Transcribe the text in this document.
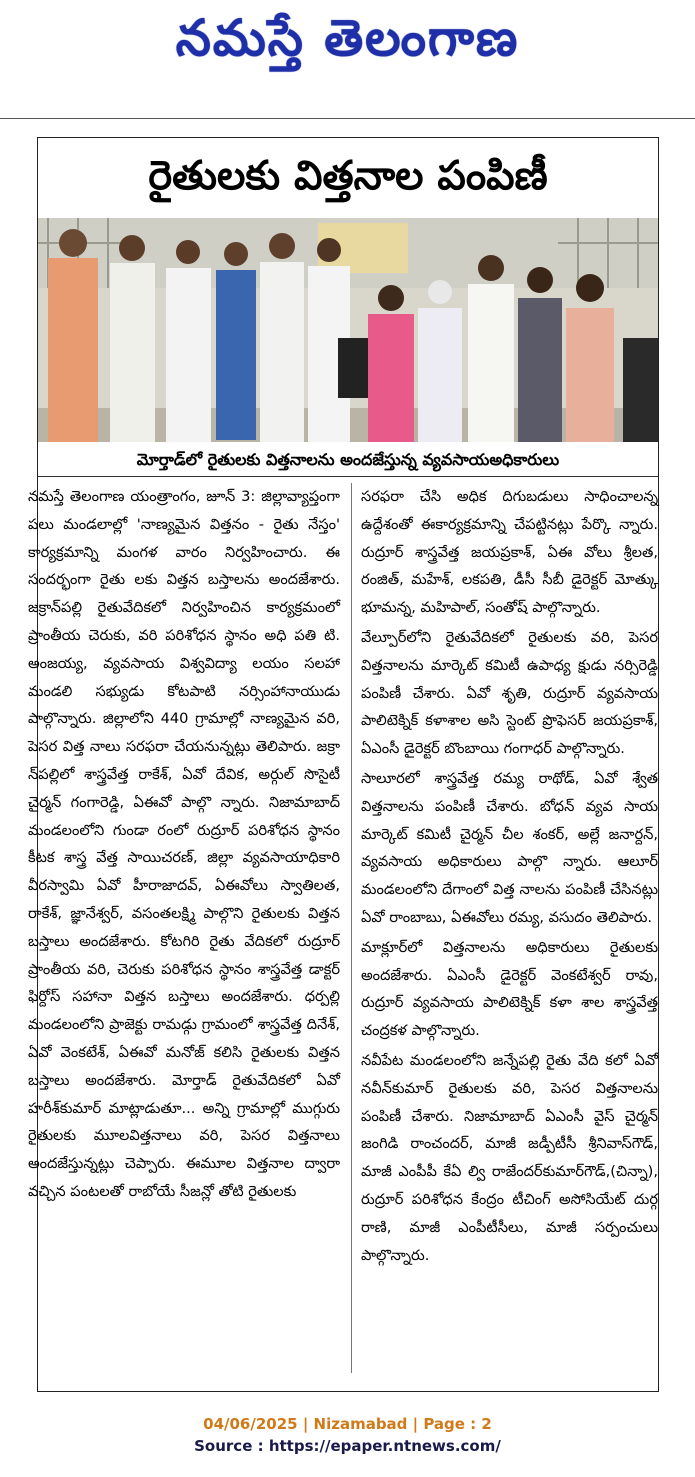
నమస్తే తెలంగాణ
రైతులకు విత్తనాల పంపిణీ
మోర్తాడ్‌లో రైతులకు విత్తనాలను అందజేస్తున్న వ్యవసాయఅధికారులు

నమస్తే తెలంగాణ యంత్రాంగం, జూన్ 3: జిల్లావ్యాప్తంగా పలు మండలాల్లో 'నాణ్యమైన విత్తనం - రైతు నేస్తం' కార్యక్రమాన్ని మంగళ వారం నిర్వహించారు. ఈ సందర్భంగా రైతు లకు విత్తన బస్తాలను అందజేశారు. జక్రాన్‌పల్లి రైతువేదికలో నిర్వహించిన కార్యక్రమంలో ప్రాంతీయ చెరుకు, వరి పరిశోధన స్థానం అధి పతి టి. అంజయ్య, వ్యవసాయ విశ్వవిద్యా లయం సలహా మండలి సభ్యుడు కోటపాటి నర్సింహానాయుడు పాల్గొన్నారు. జిల్లాలోని 440 గ్రామాల్లో నాణ్యమైన వరి, పెసర విత్త నాలు సరఫరా చేయనున్నట్లు తెలిపారు. జక్రా న్‌పల్లిలో శాస్త్రవేత్త రాకేశ్, ఏవో దేవిక, అర్గుల్ సొసైటీ చైర్మన్ గంగారెడ్డి, ఏఈవో పాల్గొ న్నారు. నిజామాబాద్ మండలంలోని గుండా రంలో రుద్రూర్ పరిశోధన స్థానం కీటక శాస్త్ర వేత్త సాయిచరణ్, జిల్లా వ్యవసాయాధికారి వీరస్వామి ఏవో హీరాజాదవ్, ఏఈవోలు స్వాతిలత, రాకేశ్, జ్ఞానేశ్వర్, వసంతలక్ష్మి పాల్గొని రైతులకు విత్తన బస్తాలు అందజేశారు. కోటగిరి రైతు వేదికలో రుద్రూర్ ప్రాంతీయ వరి, చెరుకు పరిశోధన స్థానం శాస్త్రవేత్త డాక్టర్ ఫిర్దోస్ సహానా విత్తన బస్తాలు అందజేశారు. ధర్పల్లి మండలంలోని ప్రాజెక్టు రామడ్గు గ్రామంలో శాస్త్రవేత్త దినేశ్, ఏవో వెంకటేశ్, ఏఈవో మనోజ్ కలిసి రైతులకు విత్తన బస్తాలు అందజేశారు. మోర్తాడ్ రైతువేదికలో ఏవో హరీశ్‌కుమార్ మాట్లాడుతూ... అన్ని గ్రామాల్లో ముగ్గురు రైతులకు మూలవిత్తనాలు వరి, పెసర విత్తనాలు అందజేస్తున్నట్లు చెప్పారు. ఈమూల విత్తనాల ద్వారా వచ్చిన పంటలతో రాబోయే సీజన్లో తోటి రైతులకు

సరఫరా చేసి అధిక దిగుబడులు సాధించాలన్న ఉద్దేశంతో ఈకార్యక్రమాన్ని చేపట్టినట్లు పేర్కొ న్నారు. రుద్రూర్ శాస్త్రవేత్త జయప్రకాశ్, ఏఈ వోలు శ్రీలత, రంజిత్, మహేశ్, లకపతి, డీసీ సీబీ డైరెక్టర్ మోత్కు భూమన్న, మహిపాల్, సంతోష్ పాల్గొన్నారు.

వేల్పూర్‌లోని రైతువేదికలో రైతులకు వరి, పెసర విత్తనాలను మార్కెట్ కమిటీ ఉపాధ్య క్షుడు నర్సిరెడ్డి పంపిణీ చేశారు. ఏవో శృతి, రుద్రూర్ వ్యవసాయ పాలిటెక్నిక్ కళాశాల అసి స్టెంట్ ప్రొఫెసర్ జయప్రకాశ్, ఏఎంసీ డైరెక్టర్ బొంబాయి గంగాధర్ పాల్గొన్నారు.

సాలూరలో శాస్త్రవేత్త రమ్య రాథోడ్, ఏవో శ్వేత విత్తనాలను పంపిణీ చేశారు. బోధన్ వ్యవ సాయ మార్కెట్ కమిటీ చైర్మన్ చీల శంకర్, అల్లే జనార్దన్, వ్యవసాయ అధికారులు పాల్గొ న్నారు. ఆలూర్ మండలంలోని దేగాంలో విత్త నాలను పంపిణీ చేసినట్లు ఏవో రాంబాబు, ఏఈవోలు రమ్య, వసుదం తెలిపారు.

మాక్లూర్‌లో విత్తనాలను అధికారులు రైతులకు అందజేశారు. ఏఎంసీ డైరెక్టర్ వెంకటేశ్వర్ రావు, రుద్రూర్ వ్యవసాయ పాలిటెక్నిక్ కళా శాల శాస్త్రవేత్త చంద్రకళ పాల్గొన్నారు.

నవీపేట మండలంలోని జన్నేపల్లి రైతు వేది కలో ఏవో నవీన్‌కుమార్ రైతులకు వరి, పెసర విత్తనాలను పంపిణీ చేశారు. నిజామాబాద్ ఏఎంసీ వైస్ చైర్మన్ జంగిడి రాంచందర్, మాజీ జడ్పీటీసీ శ్రీనివాస్‌గౌడ్, మాజీ ఎంపీపీ కేఏ ల్వి రాజేందర్‌కుమార్‌గౌడ్,(చిన్నా), రుద్రూర్ పరిశోధన కేంద్రం టీచింగ్ అసోసియేట్ దుర్గ రాణి, మాజీ ఎంపీటీసీలు, మాజీ సర్పంచులు పాల్గొన్నారు.

04/06/2025 | Nizamabad | Page : 2
Source : https://epaper.ntnews.com/
